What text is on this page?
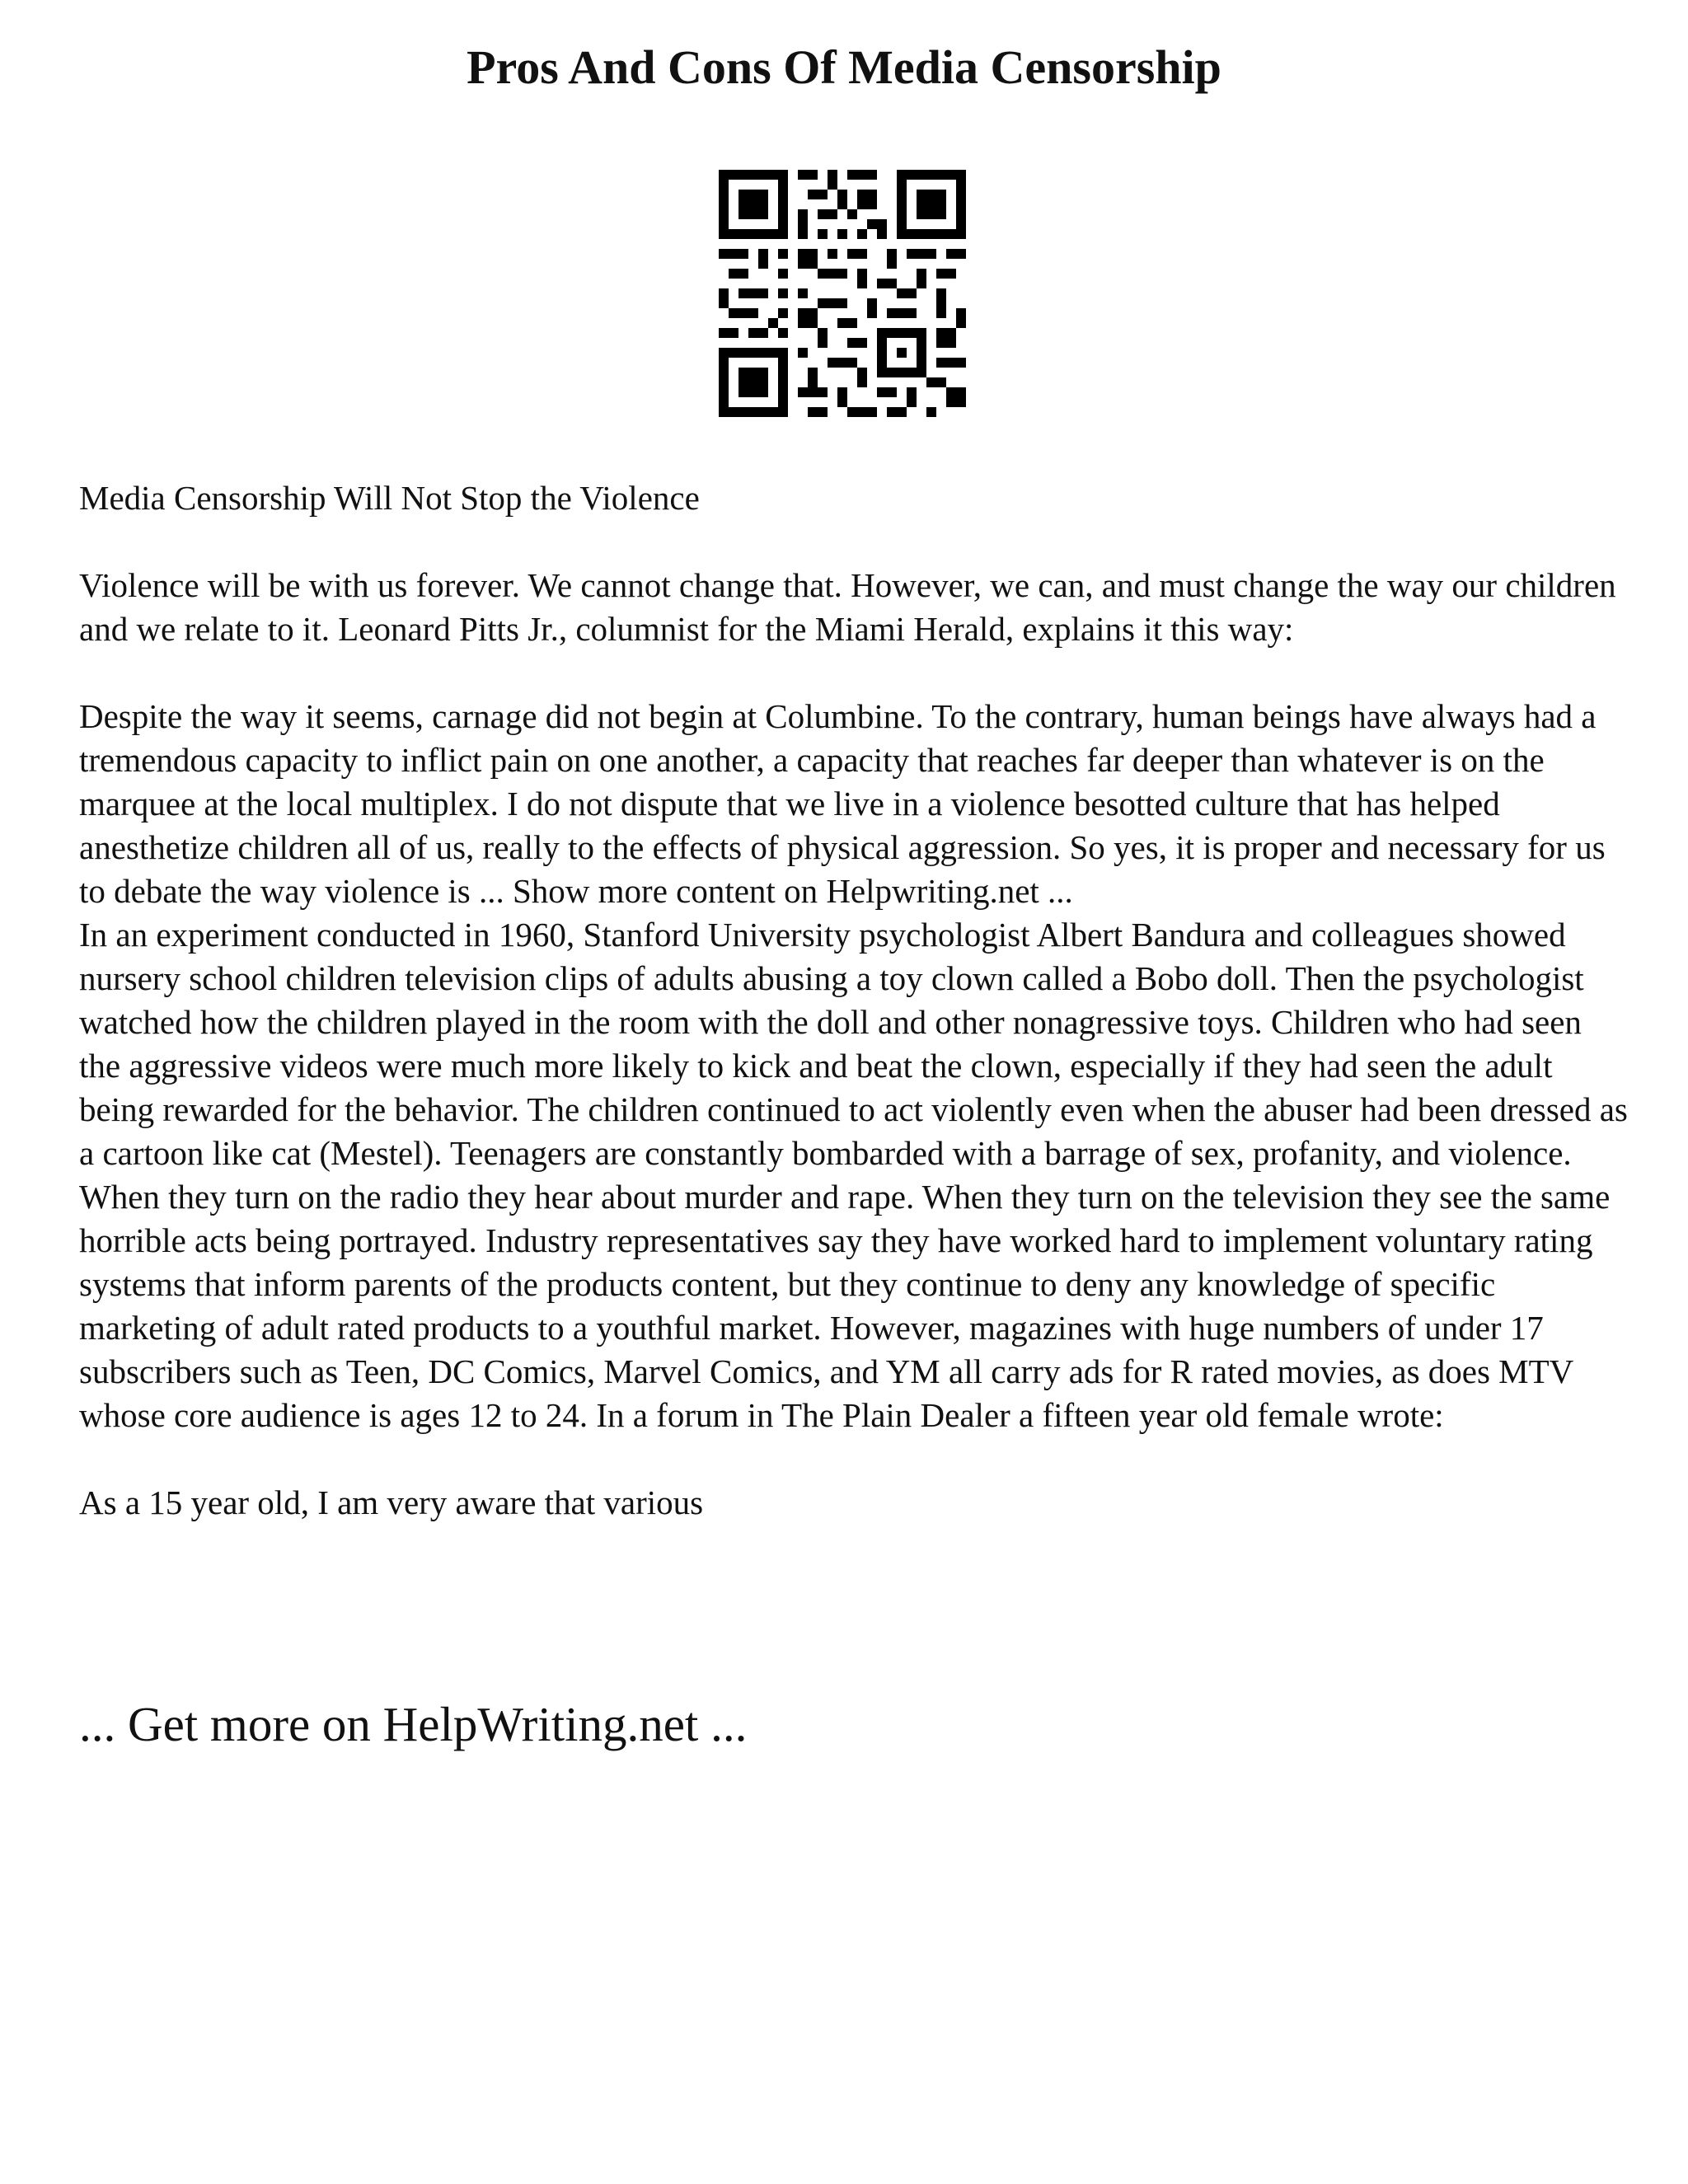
Pros And Cons Of Media Censorship

Media Censorship Will Not Stop the Violence

Violence will be with us forever. We cannot change that. However, we can, and must change the way our children and we relate to it. Leonard Pitts Jr., columnist for the Miami Herald, explains it this way:

Despite the way it seems, carnage did not begin at Columbine. To the contrary, human beings have always had a tremendous capacity to inflict pain on one another, a capacity that reaches far deeper than whatever is on the marquee at the local multiplex. I do not dispute that we live in a violence besotted culture that has helped anesthetize children all of us, really to the effects of physical aggression. So yes, it is proper and necessary for us to debate the way violence is ... Show more content on Helpwriting.net ...

In an experiment conducted in 1960, Stanford University psychologist Albert Bandura and colleagues showed nursery school children television clips of adults abusing a toy clown called a Bobo doll. Then the psychologist watched how the children played in the room with the doll and other nonagressive toys. Children who had seen the aggressive videos were much more likely to kick and beat the clown, especially if they had seen the adult being rewarded for the behavior. The children continued to act violently even when the abuser had been dressed as a cartoon like cat (Mestel). Teenagers are constantly bombarded with a barrage of sex, profanity, and violence. When they turn on the radio they hear about murder and rape. When they turn on the television they see the same horrible acts being portrayed. Industry representatives say they have worked hard to implement voluntary rating systems that inform parents of the products content, but they continue to deny any knowledge of specific marketing of adult rated products to a youthful market. However, magazines with huge numbers of under 17 subscribers such as Teen, DC Comics, Marvel Comics, and YM all carry ads for R rated movies, as does MTV whose core audience is ages 12 to 24. In a forum in The Plain Dealer a fifteen year old female wrote:

As a 15 year old, I am very aware that various

... Get more on HelpWriting.net ...
